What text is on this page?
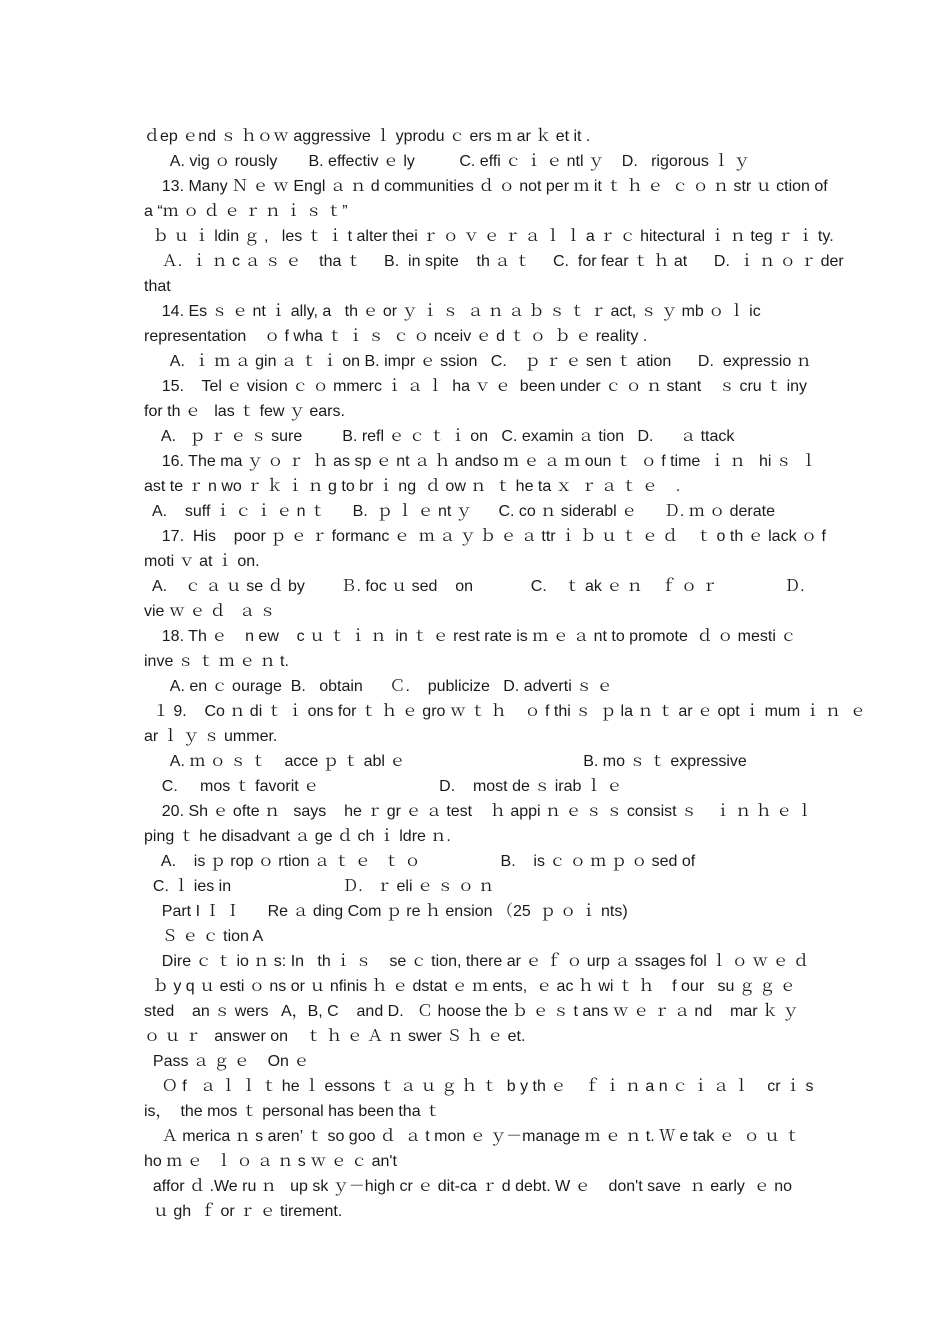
ｄep ｅnd ｓ ｈｏｗ aggressive ｌ yprodu ｃ ers ｍ ar ｋ et it .
A. vig ｏ rously       B. effectiv ｅ ly          C. effi ｃ ｉ ｅ ntl ｙ    D.   rigorous ｌ ｙ
13. Many Ｎ ｅ ｗ Engl ａ ｎ d communities ｄ ｏ not per ｍ it ｔ ｈ ｅ  ｃ ｏ ｎ str ｕ ction of
a “ｍ ｏ ｄ ｅ ｒ ｎ ｉ ｓ ｔ”
ｂ ｕ ｉ ldin ｇ ,   les ｔ ｉ t alter thei ｒ ｏ ｖ ｅ ｒ ａ ｌ ｌ a ｒ ｃ hitectural ｉ ｎ teg ｒ ｉ ty.
Ａ.  ｉ ｎ c ａ ｓ ｅ    tha ｔ     B.  in spite    th ａ ｔ     C.  for fear ｔ ｈ at      D.  ｉ ｎ ｏ ｒ der
that
14. Es ｓ ｅ nt ｉ ally, a   th ｅ or ｙ ｉ ｓ  ａ ｎ ａ ｂ ｓ ｔ ｒ act, ｓ ｙ mb ｏ ｌ ic
representation    ｏ f wha ｔ ｉ ｓ  ｃ ｏ nceiv ｅ d ｔ ｏ  ｂ ｅ reality .
A.  ｉ ｍ ａ gin ａ ｔ ｉ on B. impr ｅ ssion   C.    ｐ ｒ ｅ sen ｔ ation      D.  expressio ｎ
15.    Tel ｅ vision ｃ ｏ mmerc ｉ ａ ｌ  ha ｖ ｅ  been under ｃ ｏ ｎ stant    ｓ cru ｔ iny
for th ｅ   las ｔ few ｙ ears.
A.   ｐ ｒ ｅ ｓ sure         B. refl ｅ ｃ ｔ ｉ on   C. examin ａ tion   D.      ａ ttack
16. The ma ｙ ｏ ｒ  ｈ as sp ｅ nt ａ ｈ andso ｍ ｅ ａ ｍ oun ｔ  ｏ f time  ｉ ｎ   hi ｓ  ｌ
ast te ｒ n wo ｒ ｋ ｉ ｎ g to br ｉ ng  ｄ ow ｎ  ｔ he ta ｘ  ｒ ａ ｔ ｅ    .
A.    suff ｉ ｃ ｉ ｅ n ｔ      B.  ｐ ｌ ｅ nt ｙ      C. co ｎ siderabl ｅ      Ｄ. ｍ ｏ derate
17.  His    poor ｐ ｅ ｒ formanc ｅ  ｍ ａ ｙ ｂ ｅ ａ ttr ｉ ｂ ｕ ｔ ｅ ｄ    ｔ o th ｅ lack ｏ f
moti ｖ at ｉ on.
A.    ｃ ａ ｕ se ｄ by        Ｂ. foc ｕ sed    on             C.    ｔ ak ｅ ｎ    ｆ ｏ ｒ               Ｄ.
vie ｗ ｅ ｄ   ａ ｓ
18. Th ｅ    n ew    c ｕ ｔ ｉ ｎ  in ｔ ｅ rest rate is ｍ ｅ ａ nt to promote  ｄ ｏ mesti ｃ
inve ｓ ｔ ｍ ｅ ｎ t.
A. en ｃ ourage  B.   obtain      Ｃ.    publicize   D. adverti ｓ ｅ
１ 9.    Co ｎ di ｔ ｉ ons for ｔ ｈ ｅ gro ｗ ｔ ｈ    ｏ f thi ｓ  ｐ la ｎ ｔ ar ｅ opt ｉ mum ｉ ｎ  ｅ
ar ｌ ｙ ｓ ummer.
A. ｍ ｏ ｓ ｔ    acce ｐ ｔ abl ｅ                                        B. mo ｓ ｔ expressive
C.     mos ｔ favorit ｅ                           D.    most de ｓ irab ｌ ｅ
20. Sh ｅ ofte ｎ   says    he ｒ gr ｅ ａ test    ｈ appi ｎ ｅ ｓ ｓ consist ｓ    ｉ ｎ ｈ ｅ ｌ
ping ｔ he disadvant ａ ge ｄ ch ｉ ldre ｎ.
A.    is ｐ rop ｏ rtion ａ ｔ ｅ   ｔ ｏ                  B.    is ｃ ｏ ｍ ｐ ｏ sed of
C. ｌ ies in                         Ｄ.   ｒ eli ｅ ｓ ｏ ｎ
Part I Ｉ Ｉ      Re ａ ding Com ｐ re ｈ ension （25  ｐ ｏ ｉ nts)
Ｓ ｅ ｃ tion A
Dire ｃ ｔ io ｎ s: In   th ｉ ｓ    se ｃ tion, there ar ｅ ｆ ｏ urp ａ ssages fol ｌ ｏ ｗ ｅ ｄ
ｂ y q ｕ esti ｏ ns or ｕ nfinis ｈ ｅ dstat ｅ ｍ ents,  ｅ ac ｈ wi ｔ ｈ    f our   su ｇ ｇ ｅ
sted    an ｓ wers   A，B, C    and D.   Ｃ hoose the ｂ ｅ ｓ t ans ｗ ｅ ｒ ａ nd    mar ｋ ｙ
ｏ ｕ ｒ   answer on    ｔ ｈ ｅ Ａ ｎ swer Ｓ ｈ ｅ et.
Pass ａ ｇ ｅ    On ｅ
Ｏ f   ａ ｌ ｌ ｔ he ｌ essons ｔ ａ ｕ ｇ ｈ ｔ  b y th ｅ    ｆ ｉ ｎ a n ｃ ｉ ａ ｌ    cr ｉ s
is，  the mos ｔ personal has been tha ｔ
Ａ merica ｎ s aren’ ｔ so goo ｄ  ａ t mon ｅ ｙ－manage ｍ ｅ ｎ t. Ｗ e tak ｅ  ｏ ｕ ｔ
ho ｍ ｅ   ｌ ｏ ａ ｎ s ｗ ｅ ｃ an't
affor ｄ .We ru ｎ   up sk ｙ－high cr ｅ dit-ca ｒ d debt. W ｅ    don't save  ｎ early  ｅ no
ｕ gh  ｆ or ｒ ｅ tirement.
